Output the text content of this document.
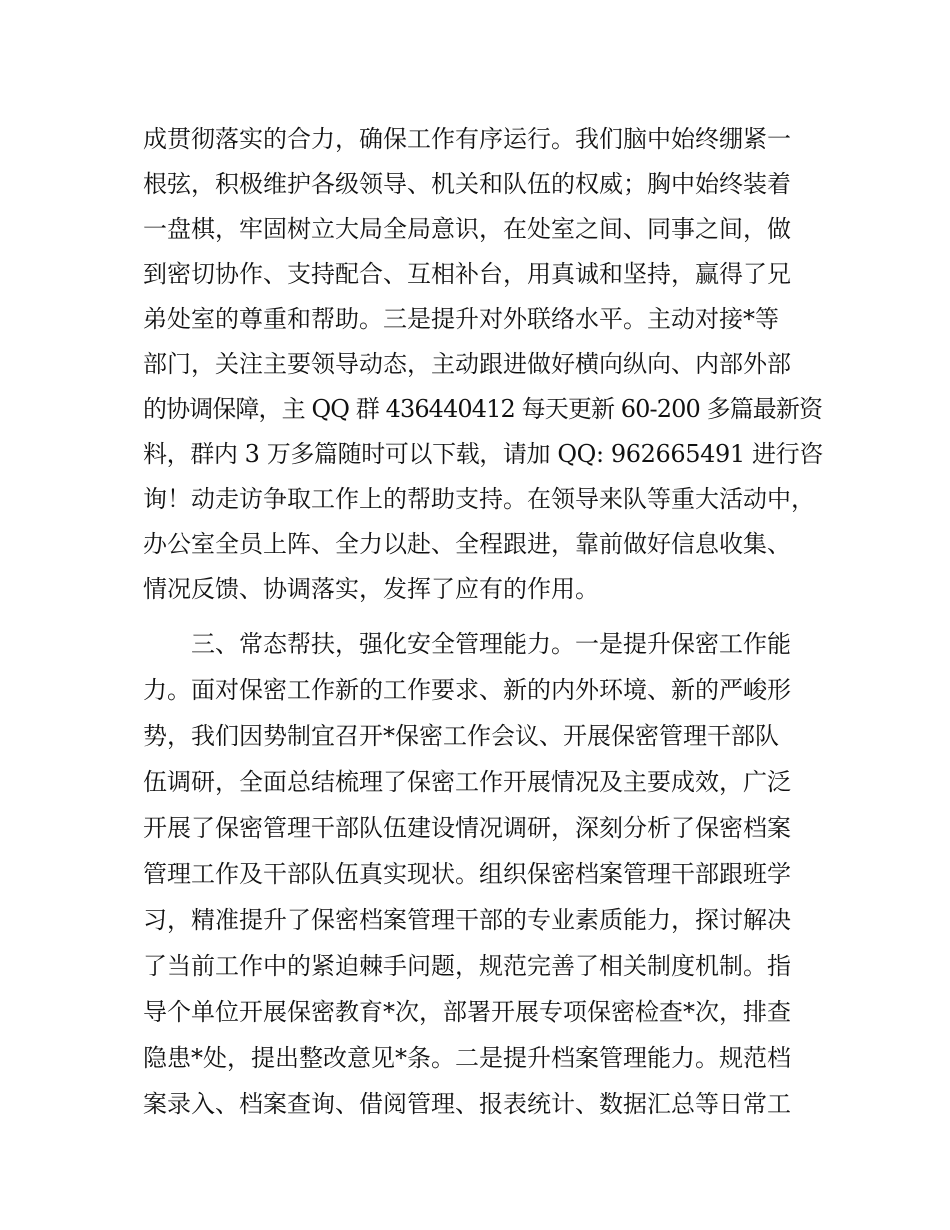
成贯彻落实的合力，确保工作有序运行。我们脑中始终绷紧一
根弦，积极维护各级领导、机关和队伍的权威；胸中始终装着
一盘棋，牢固树立大局全局意识，在处室之间、同事之间，做
到密切协作、支持配合、互相补台，用真诚和坚持，赢得了兄
弟处室的尊重和帮助。三是提升对外联络水平。主动对接*等
部门，关注主要领导动态，主动跟进做好横向纵向、内部外部
的协调保障，主 QQ 群 436440412 每天更新 60-200 多篇最新资
料，群内 3 万多篇随时可以下载，请加 QQ: 962665491 进行咨
询！动走访争取工作上的帮助支持。在领导来队等重大活动中，
办公室全员上阵、全力以赴、全程跟进，靠前做好信息收集、
情况反馈、协调落实，发挥了应有的作用。
三、常态帮扶，强化安全管理能力。一是提升保密工作能
力。面对保密工作新的工作要求、新的内外环境、新的严峻形
势，我们因势制宜召开*保密工作会议、开展保密管理干部队
伍调研，全面总结梳理了保密工作开展情况及主要成效，广泛
开展了保密管理干部队伍建设情况调研，深刻分析了保密档案
管理工作及干部队伍真实现状。组织保密档案管理干部跟班学
习，精准提升了保密档案管理干部的专业素质能力，探讨解决
了当前工作中的紧迫棘手问题，规范完善了相关制度机制。指
导个单位开展保密教育*次，部署开展专项保密检查*次，排查
隐患*处，提出整改意见*条。二是提升档案管理能力。规范档
案录入、档案查询、借阅管理、报表统计、数据汇总等日常工
